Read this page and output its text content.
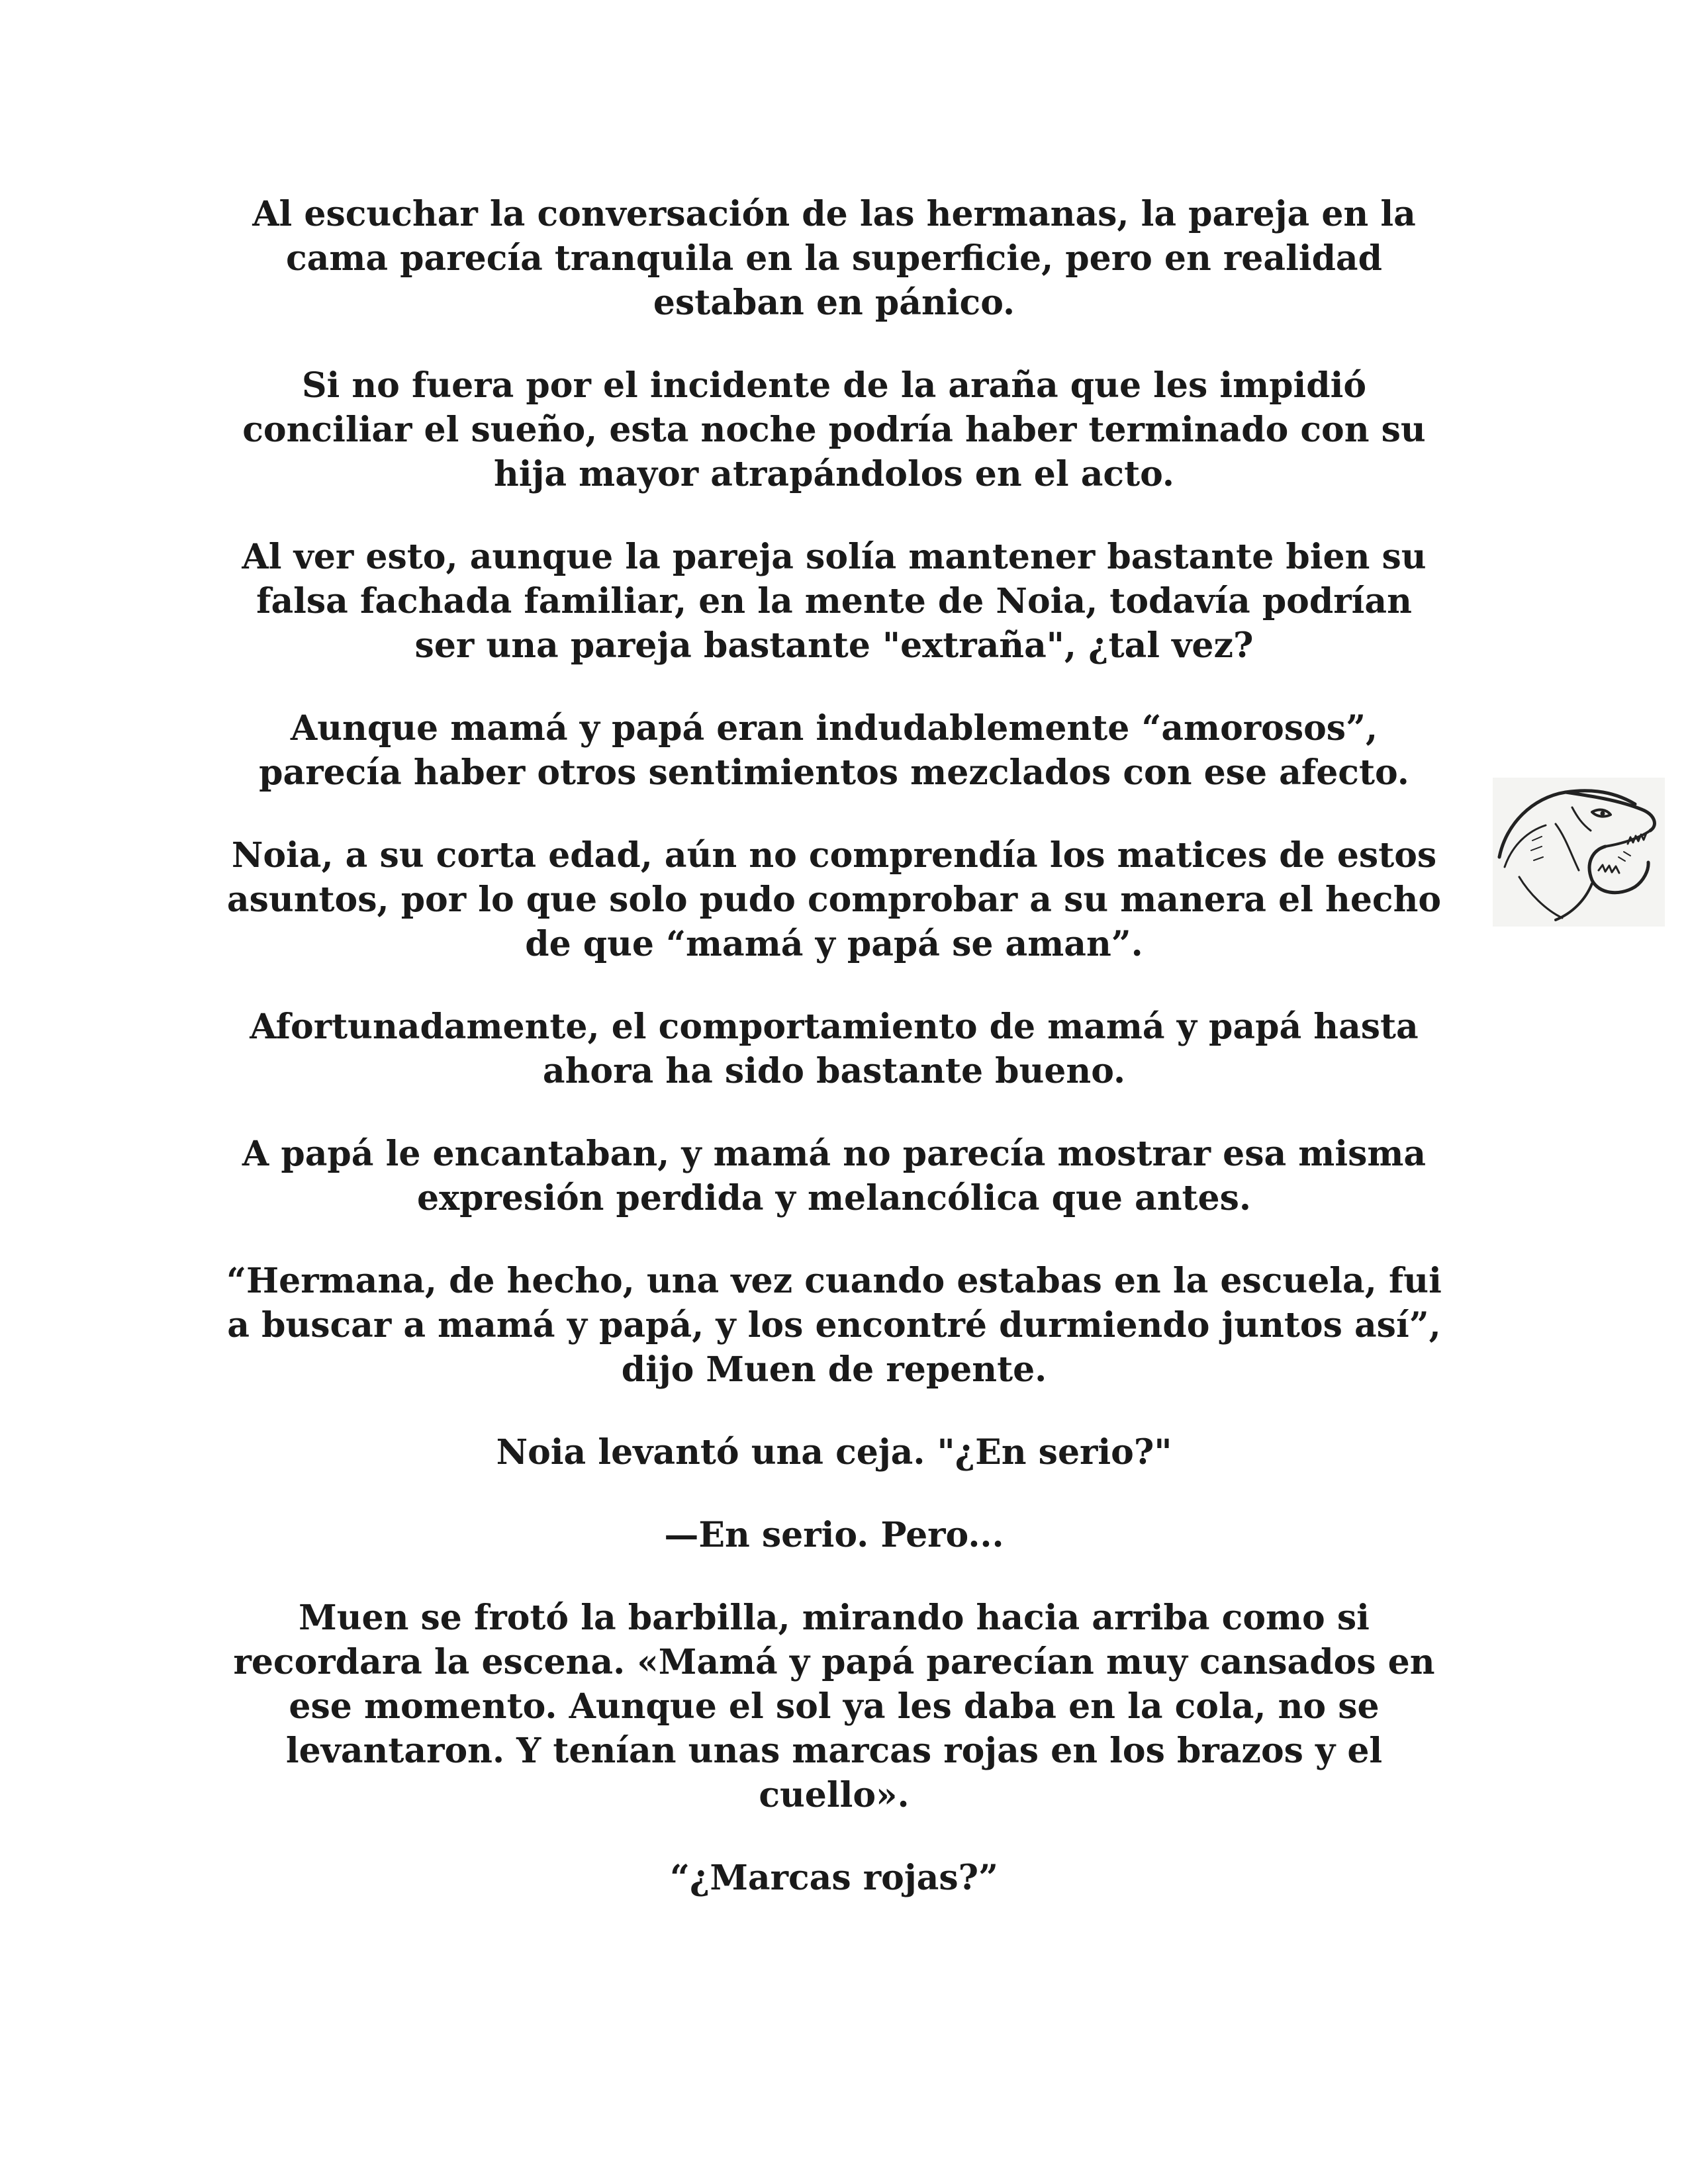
Al escuchar la conversación de las hermanas, la pareja en la
cama parecía tranquila en la superficie, pero en realidad
estaban en pánico.

Si no fuera por el incidente de la araña que les impidió
conciliar el sueño, esta noche podría haber terminado con su
hija mayor atrapándolos en el acto.

Al ver esto, aunque la pareja solía mantener bastante bien su
falsa fachada familiar, en la mente de Noia, todavía podrían
ser una pareja bastante "extraña", ¿tal vez?

Aunque mamá y papá eran indudablemente “amorosos”,
parecía haber otros sentimientos mezclados con ese afecto.

Noia, a su corta edad, aún no comprendía los matices de estos
asuntos, por lo que solo pudo comprobar a su manera el hecho
de que “mamá y papá se aman”.

Afortunadamente, el comportamiento de mamá y papá hasta
ahora ha sido bastante bueno.

A papá le encantaban, y mamá no parecía mostrar esa misma
expresión perdida y melancólica que antes.

“Hermana, de hecho, una vez cuando estabas en la escuela, fui
a buscar a mamá y papá, y los encontré durmiendo juntos así”,
dijo Muen de repente.

Noia levantó una ceja. "¿En serio?"

—En serio. Pero...

Muen se frotó la barbilla, mirando hacia arriba como si
recordara la escena. «Mamá y papá parecían muy cansados en
ese momento. Aunque el sol ya les daba en la cola, no se
levantaron. Y tenían unas marcas rojas en los brazos y el
cuello».

“¿Marcas rojas?”
